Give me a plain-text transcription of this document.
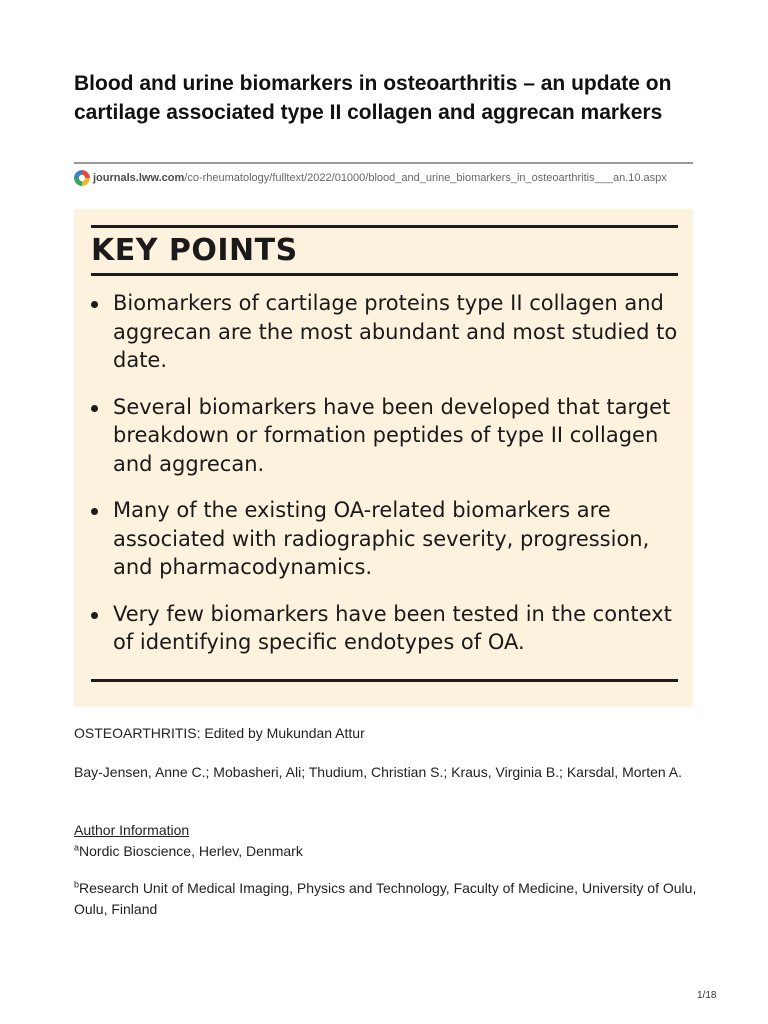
Blood and urine biomarkers in osteoarthritis – an update on cartilage associated type II collagen and aggrecan markers
journals.lww.com /co-rheumatology/fulltext/2022/01000/blood_and_urine_biomarkers_in_osteoarthritis___an.10.aspx
KEY POINTS
Biomarkers of cartilage proteins type II collagen and aggrecan are the most abundant and most studied to date.
Several biomarkers have been developed that target breakdown or formation peptides of type II collagen and aggrecan.
Many of the existing OA-related biomarkers are associated with radiographic severity, progression, and pharmacodynamics.
Very few biomarkers have been tested in the context of identifying specific endotypes of OA.

OSTEOARTHRITIS: Edited by Mukundan Attur

Bay-Jensen, Anne C.; Mobasheri, Ali; Thudium, Christian S.; Kraus, Virginia B.; Karsdal, Morten A.

Author Information

$^a$Nordic Bioscience, Herlev, Denmark

$^b$Research Unit of Medical Imaging, Physics and Technology, Faculty of Medicine, University of Oulu, Oulu, Finland

1/18
